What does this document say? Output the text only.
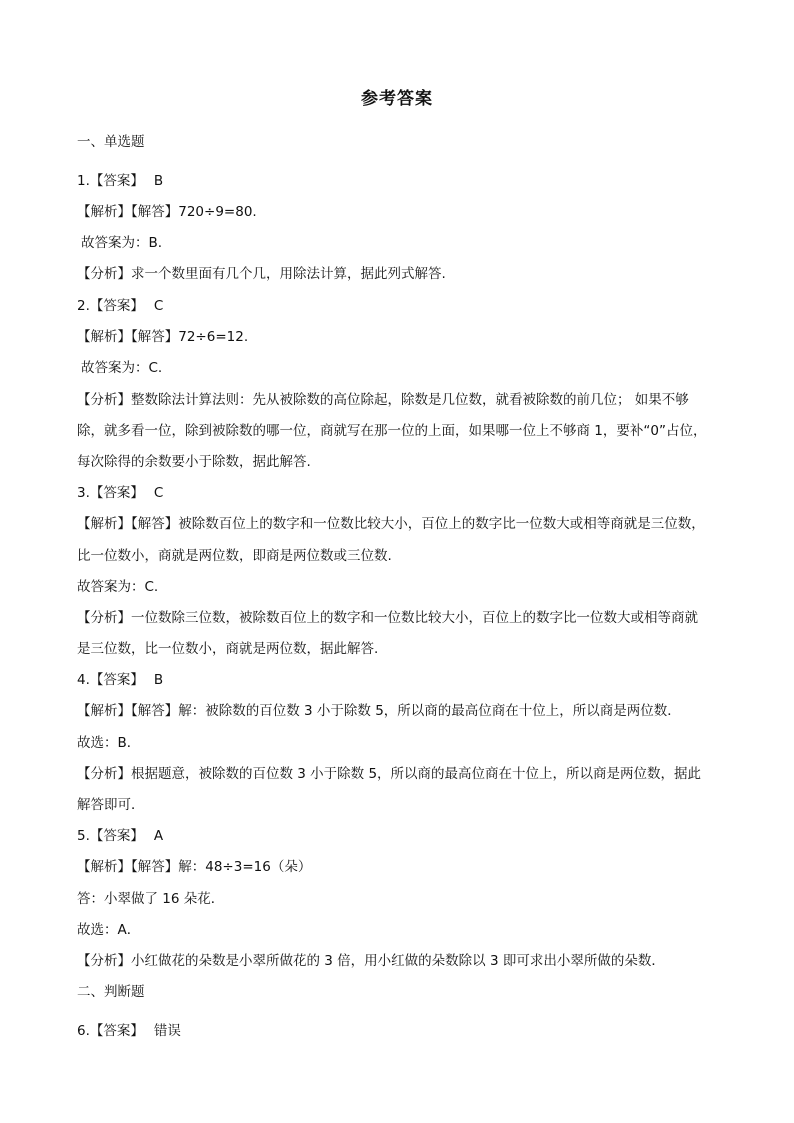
参考答案
一、单选题
1.【答案】 B
【解析】【解答】720÷9=80.
故答案为：B.
【分析】求一个数里面有几个几，用除法计算，据此列式解答.
2.【答案】 C
【解析】【解答】72÷6=12.
故答案为：C.
【分析】整数除法计算法则：先从被除数的高位除起，除数是几位数，就看被除数的前几位； 如果不够
除，就多看一位，除到被除数的哪一位，商就写在那一位的上面，如果哪一位上不够商 1，要补“0”占位，
每次除得的余数要小于除数，据此解答.
3.【答案】 C
【解析】【解答】被除数百位上的数字和一位数比较大小，百位上的数字比一位数大或相等商就是三位数，
比一位数小，商就是两位数，即商是两位数或三位数.
故答案为：C.
【分析】一位数除三位数，被除数百位上的数字和一位数比较大小，百位上的数字比一位数大或相等商就
是三位数，比一位数小，商就是两位数，据此解答.
4.【答案】 B
【解析】【解答】解：被除数的百位数 3 小于除数 5，所以商的最高位商在十位上，所以商是两位数．
故选：B．
【分析】根据题意，被除数的百位数 3 小于除数 5，所以商的最高位商在十位上，所以商是两位数，据此
解答即可．
5.【答案】 A
【解析】【解答】解：48÷3=16（朵）
答：小翠做了 16 朵花．
故选：A．
【分析】小红做花的朵数是小翠所做花的 3 倍，用小红做的朵数除以 3 即可求出小翠所做的朵数．
二、判断题
6.【答案】 错误
